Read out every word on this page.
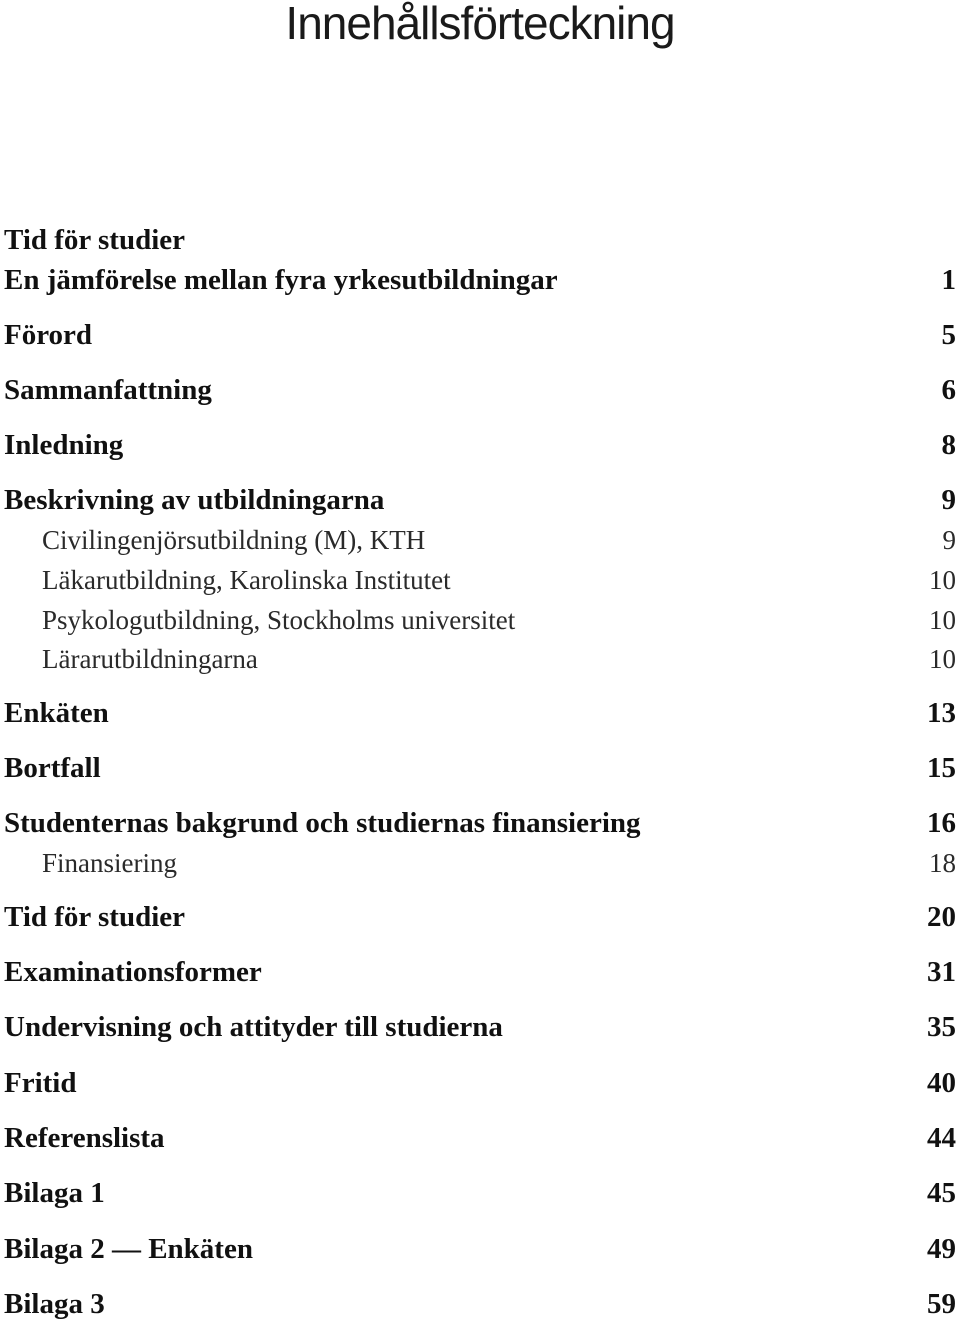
Innehållsförteckning
Tid för studier
En jämförelse mellan fyra yrkesutbildningar	1
Förord	5
Sammanfattning	6
Inledning	8
Beskrivning av utbildningarna	9
Civilingenjörsutbildning (M), KTH	9
Läkarutbildning, Karolinska Institutet	10
Psykologutbildning, Stockholms universitet	10
Lärarutbildningarna	10
Enkäten	13
Bortfall	15
Studenternas bakgrund och studiernas finansiering	16
Finansiering	18
Tid för studier	20
Examinationsformer	31
Undervisning och attityder till studierna	35
Fritid	40
Referenslista	44
Bilaga 1	45
Bilaga 2 — Enkäten	49
Bilaga 3	59
